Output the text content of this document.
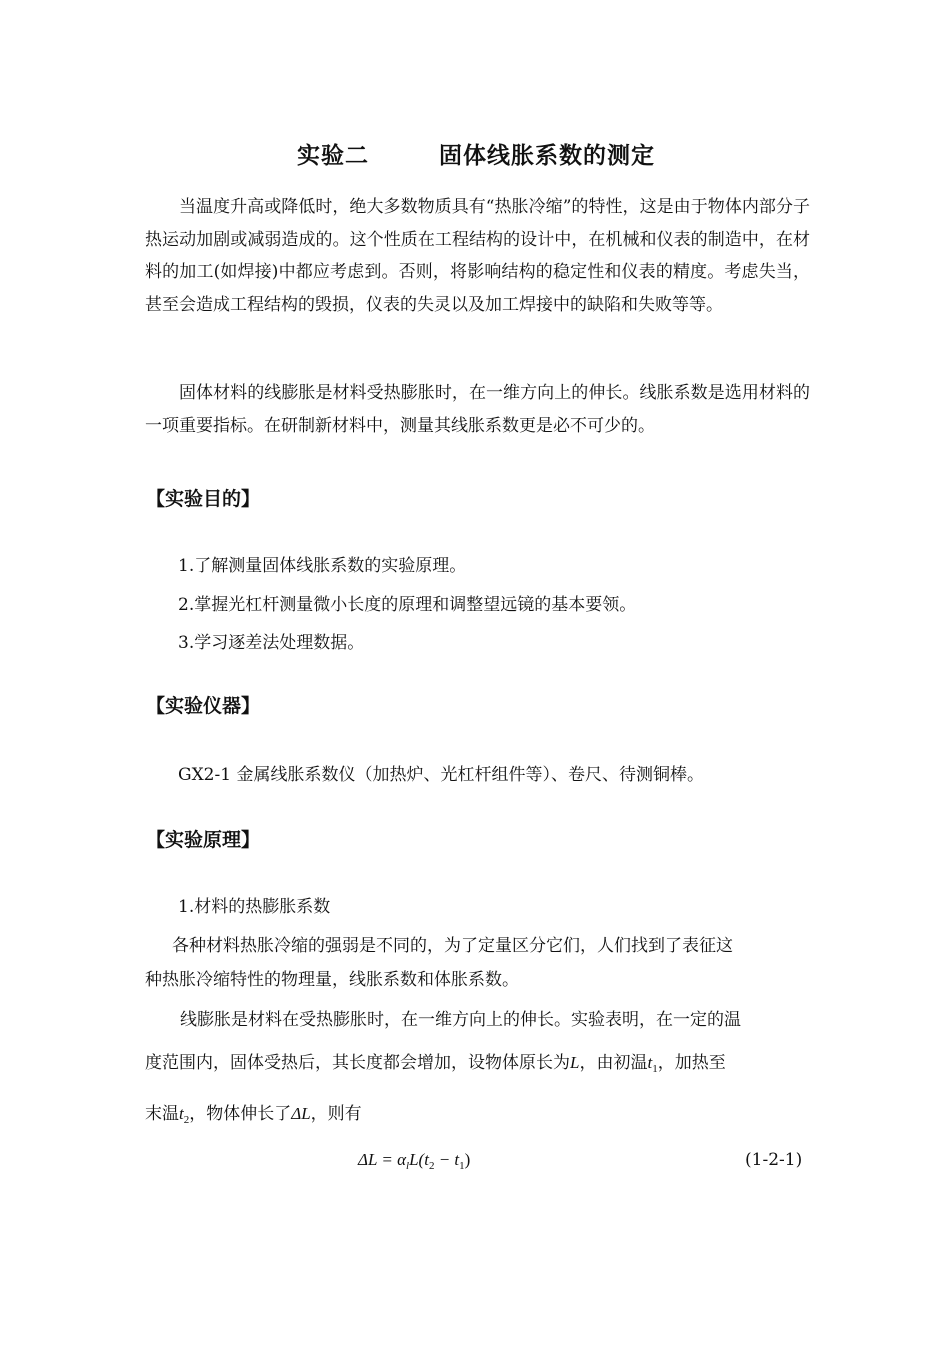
实验二	固体线胀系数的测定

当温度升高或降低时，绝大多数物质具有“热胀冷缩”的特性，这是由于物体内部分子热运动加剧或减弱造成的。这个性质在工程结构的设计中，在机械和仪表的制造中，在材料的加工(如焊接)中都应考虑到。否则，将影响结构的稳定性和仪表的精度。考虑失当，甚至会造成工程结构的毁损，仪表的失灵以及加工焊接中的缺陷和失败等等。

固体材料的线膨胀是材料受热膨胀时，在一维方向上的伸长。线胀系数是选用材料的一项重要指标。在研制新材料中，测量其线胀系数更是必不可少的。

【实验目的】

1.了解测量固体线胀系数的实验原理。

2.掌握光杠杆测量微小长度的原理和调整望远镜的基本要领。

3.学习逐差法处理数据。

【实验仪器】

GX2-1 金属线胀系数仪（加热炉、光杠杆组件等）、卷尺、待测铜棒。

【实验原理】

1.材料的热膨胀系数

各种材料热胀冷缩的强弱是不同的，为了定量区分它们，人们找到了表征这

种热胀冷缩特性的物理量，线胀系数和体胀系数。

线膨胀是材料在受热膨胀时，在一维方向上的伸长。实验表明，在一定的温

度范围内，固体受热后，其长度都会增加，设物体原长为L，由初温$t_1$，加热至

末温$t_2$，物体伸长了ΔL，则有

$\Delta L = \alpha_lL(t_2 - t_1)$	(1-2-1)
